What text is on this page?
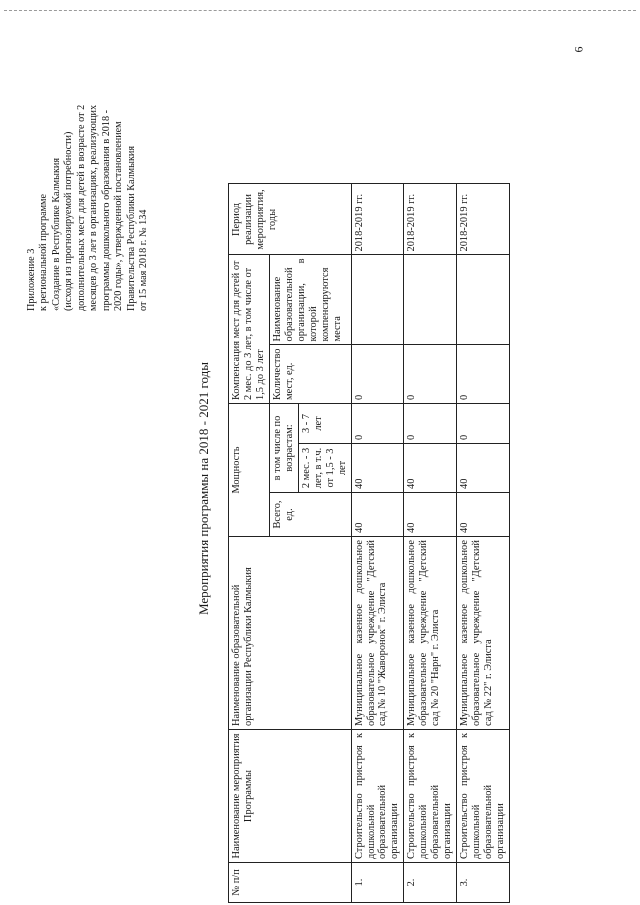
6
Приложение 3 к региональной программе «Создание в Республике Калмыкия (исходя из прогнозируемой потребности) дополнительных мест для детей в возрасте от 2 месяцев до 3 лет в организациях, реализующих программы дошкольного образования в 2018 - 2020 годы», утвержденной постановлением Правительства Республики Калмыкия от 15 мая 2018 г. № 134
Мероприятия программы на 2018 - 2021 годы
№ п/п	Наименование мероприятия Программы	Наименование образовательной организации Республики Калмыкия	Мощность			Компенсация мест для детей от 2 мес. до 3 лет, в том числе от 1,5 до 3 лет		Период реализации мероприятия, годы
			Всего, ед.	в том числе по возрастам:		Количество мест, ед.	Наименование образовательной организации, в которой компенсируются места	
				2 мес. - 3 лет, в т.ч. от 1,5 - 3 лет	3 - 7 лет			
1.	Строительство пристроя к дошкольной образовательной организации	Муниципальное казенное дошкольное образовательное учреждение "Детский сад № 10 "Жаворонок" г. Элиста	40	40	0	0		2018-2019 гг.
2.	Строительство пристроя к дошкольной образовательной организации	Муниципальное казенное дошкольное образовательное учреждение "Детский сад № 20 "Нарн" г. Элиста	40	40	0	0		2018-2019 гг.
3.	Строительство пристроя к дошкольной образовательной организации	Муниципальное казенное дошкольное образовательное учреждение "Детский сад № 22" г. Элиста	40	40	0	0		2018-2019 гг.
